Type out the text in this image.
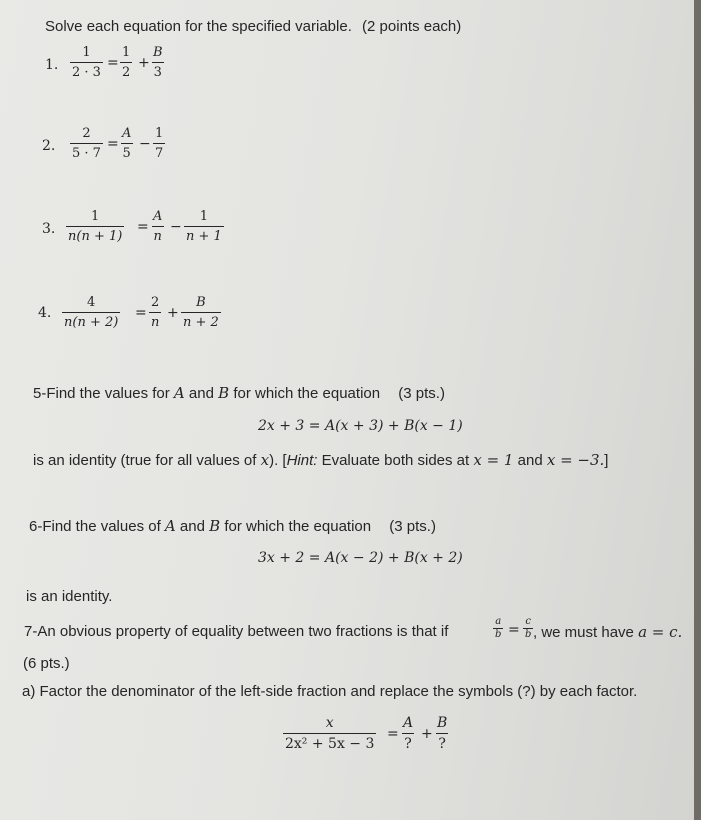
Solve each equation for the specified variable. (2 points each)
1. $\frac{1}{2 \cdot 3} = \frac{1}{2} + \frac{B}{3}$
2. $\frac{2}{5 \cdot 7} = \frac{A}{5} - \frac{1}{7}$
3. $\frac{1}{n(n + 1)} = \frac{A}{n} - \frac{1}{n + 1}$
4. $\frac{4}{n(n + 2)} = \frac{2}{n} + \frac{B}{n + 2}$
5-Find the values for A and B for which the equation (3 pts.)
2x + 3 = A(x + 3) + B(x − 1)
is an identity (true for all values of x). [Hint: Evaluate both sides at x = 1 and x = −3.]
6-Find the values of A and B for which the equation (3 pts.)
3x + 2 = A(x − 2) + B(x + 2)
is an identity.
7-An obvious property of equality between two fractions is that if	$\frac{a}{b} = \frac{c}{b}$ , we must have a = c.
(6 pts.)
a) Factor the denominator of the left-side fraction and replace the symbols (?) by each factor.
$\frac{x}{\text{2x² + 5x − 3}}$ =
A
?
+
B
?
